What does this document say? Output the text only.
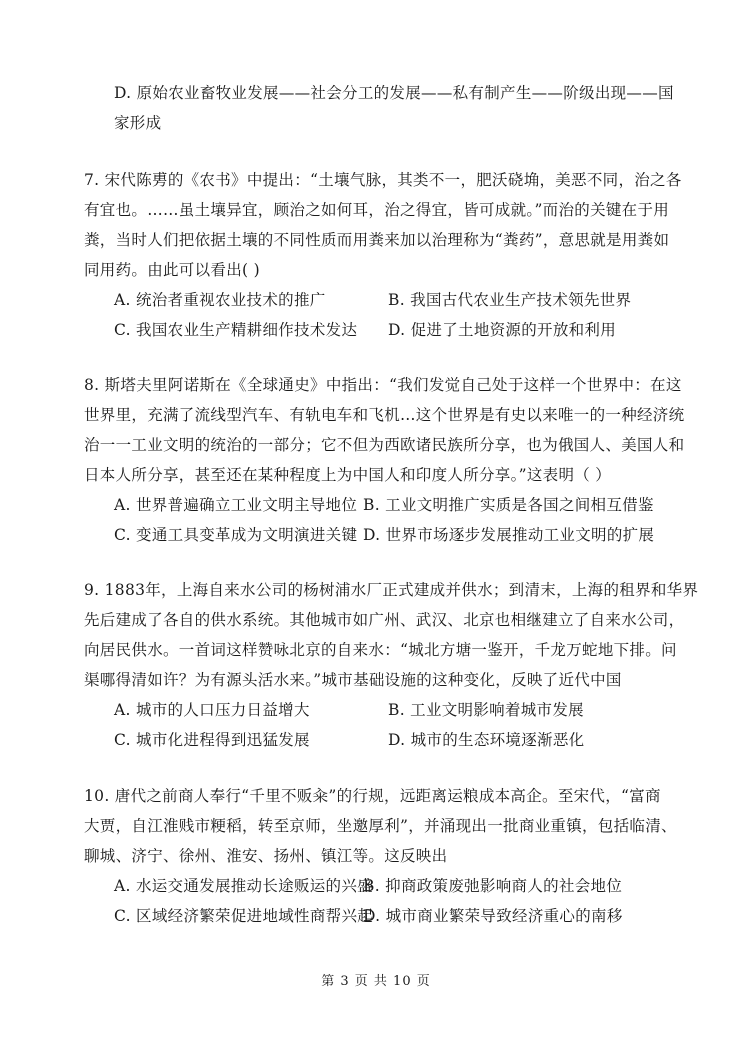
D. 原始农业畜牧业发展——社会分工的发展——私有制产生——阶级出现——国
家形成
7. 宋代陈旉的《农书》中提出：“土壤气脉，其类不一，肥沃硗埆，美恶不同，治之各
有宜也。……虽土壤异宜，顾治之如何耳，治之得宜，皆可成就。”而治的关键在于用
粪，当时人们把依据土壤的不同性质而用粪来加以治理称为“粪药”，意思就是用粪如
同用药。由此可以看出( )
A. 统治者重视农业技术的推广	B. 我国古代农业生产技术领先世界
C. 我国农业生产精耕细作技术发达 D. 促进了土地资源的开放和利用
8. 斯塔夫里阿诺斯在《全球通史》中指出：“我们发觉自己处于这样一个世界中：在这
世界里，充满了流线型汽车、有轨电车和飞机…这个世界是有史以来唯一的一种经济统
治一一工业文明的统治的一部分；它不但为西欧诸民族所分享，也为俄国人、美国人和
日本人所分享，甚至还在某种程度上为中国人和印度人所分享。”这表明（ ）
A. 世界普遍确立工业文明主导地位 B. 工业文明推广实质是各国之间相互借鉴
C. 变通工具变革成为文明演进关键 D. 世界市场逐步发展推动工业文明的扩展
9. 1883年，上海自来水公司的杨树浦水厂正式建成并供水；到清末，上海的租界和华界
先后建成了各自的供水系统。其他城市如广州、武汉、北京也相继建立了自来水公司，
向居民供水。一首词这样赞咏北京的自来水：“城北方塘一鉴开，千龙万蛇地下排。问
渠哪得清如许？为有源头活水来。”城市基础设施的这种变化，反映了近代中国
A. 城市的人口压力日益增大	B. 工业文明影响着城市发展
C. 城市化进程得到迅猛发展	D. 城市的生态环境逐渐恶化
10. 唐代之前商人奉行“千里不贩籴”的行规，远距离运粮成本高企。至宋代，“富商
大贾，自江淮贱市粳稻，转至京师，坐邀厚利”，并涌现出一批商业重镇，包括临清、
聊城、济宁、徐州、淮安、扬州、镇江等。这反映出
A. 水运交通发展推动长途贩运的兴盛
B. 抑商政策废弛影响商人的社会地位
C. 区域经济繁荣促进地域性商帮兴起
D. 城市商业繁荣导致经济重心的南移
第 3 页 共 10 页
